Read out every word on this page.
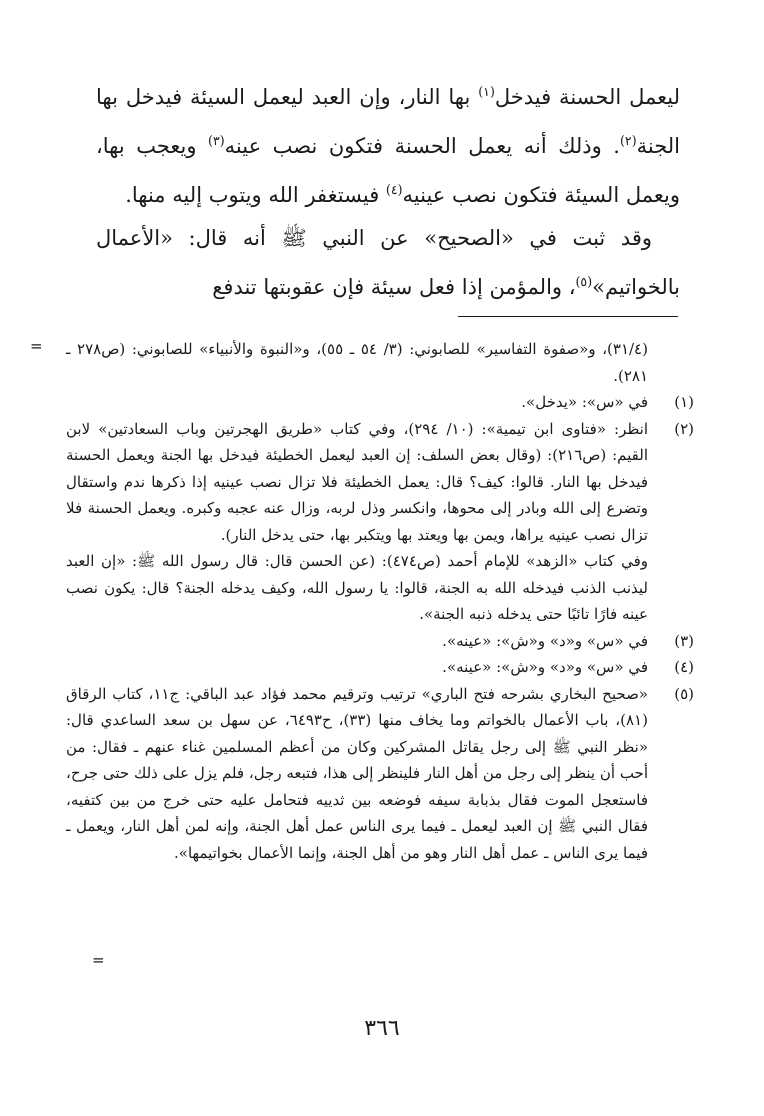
ليعمل الحسنة فيدخل$^{(١)}$ بها النار، وإن العبد ليعمل السيئة فيدخل بها الجنة$^{(٢)}$. وذلك أنه يعمل الحسنة فتكون نصب عينه$^{(٣)}$ ويعجب بها، ويعمل السيئة فتكون نصب عينيه$^{(٤)}$ فيستغفر الله ويتوب إليه منها.

وقد ثبت في «الصحيح» عن النبي ﷺ أنه قال: «الأعمال بالخواتيم»$^{(٥)}$، والمؤمن إذا فعل سيئة فإن عقوبتها تندفع

= (٣١/٤)، و«صفوة التفاسير» للصابوني: (٣/ ٥٤ ـ ٥٥)، و«النبوة والأنبياء» للصابوني: (ص٢٧٨ ـ ٢٨١).
(١)
في «س»: «يدخل».
(٢)
انظر: «فتاوى ابن تيمية»: (١٠/ ٢٩٤)، وفي كتاب «طريق الهجرتين وباب السعادتين» لابن القيم: (ص٢١٦): (وقال بعض السلف: إن العبد ليعمل الخطيئة فيدخل بها الجنة ويعمل الحسنة فيدخل بها النار. قالوا: كيف؟ قال: يعمل الخطيئة فلا تزال نصب عينيه إذا ذكرها ندم واستقال وتضرع إلى الله وبادر إلى محوها، وانكسر وذل لربه، وزال عنه عجبه وكبره. ويعمل الحسنة فلا تزال نصب عينيه يراها، ويمن بها ويعتد بها ويتكبر بها، حتى يدخل النار).
وفي كتاب «الزهد» للإمام أحمد (ص٤٧٤): (عن الحسن قال: قال رسول الله ﷺ: «إن العبد ليذنب الذنب فيدخله الله به الجنة، قالوا: يا رسول الله، وكيف يدخله الجنة؟ قال: يكون نصب عينه فارًا تائبًا حتى يدخله ذنبه الجنة».
(٣)
في «س» و«د» و«ش»: «عينه».
(٤)
في «س» و«د» و«ش»: «عينه».
(٥)
«صحيح البخاري بشرحه فتح الباري» ترتيب وترقيم محمد فؤاد عبد الباقي: ج١١، كتاب الرقاق (٨١)، باب الأعمال بالخواتم وما يخاف منها (٣٣)، ح٦٤٩٣، عن سهل بن سعد الساعدي قال: «نظر النبي ﷺ إلى رجل يقاتل المشركين وكان من أعظم المسلمين غناء عنهم ـ فقال: من أحب أن ينظر إلى رجل من أهل النار فلينظر إلى هذا، فتبعه رجل، فلم يزل على ذلك حتى جرح، فاستعجل الموت فقال بذبابة سيفه فوضعه بين ثدييه فتحامل عليه حتى خرج من بين كتفيه، فقال النبي ﷺ إن العبد ليعمل ـ فيما يرى الناس عمل أهل الجنة، وإنه لمن أهل النار، ويعمل ـ فيما يرى الناس ـ عمل أهل النار وهو من أهل الجنة، وإنما الأعمال بخواتيمها».
=
٣٦٦
